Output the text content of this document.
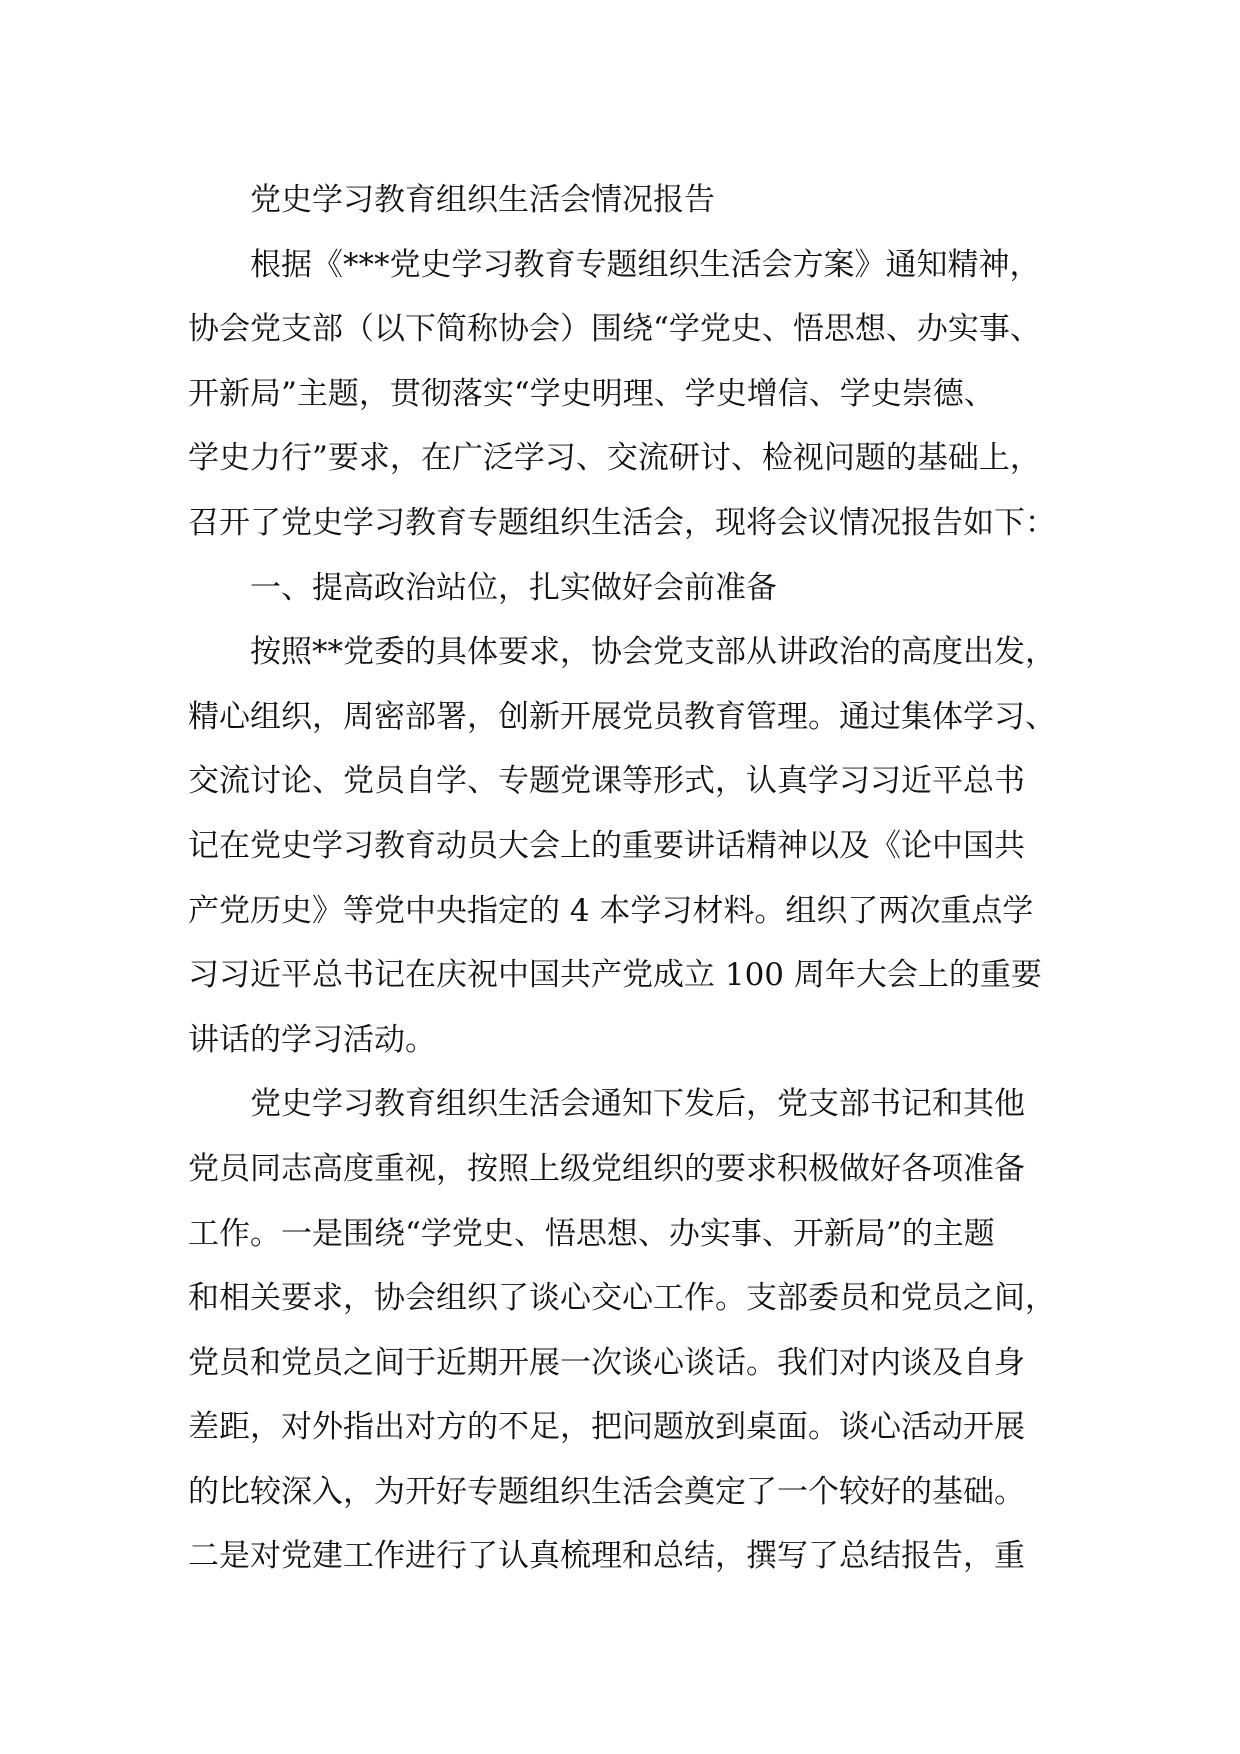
党史学习教育组织生活会情况报告
根据《***党史学习教育专题组织生活会方案》通知精神，
协会党支部（以下简称协会）围绕“学党史、悟思想、办实事、
开新局”主题，贯彻落实“学史明理、学史增信、学史崇德、
学史力行”要求，在广泛学习、交流研讨、检视问题的基础上，
召开了党史学习教育专题组织生活会，现将会议情况报告如下：
一、提高政治站位，扎实做好会前准备
按照**党委的具体要求，协会党支部从讲政治的高度出发，
精心组织，周密部署，创新开展党员教育管理。通过集体学习、
交流讨论、党员自学、专题党课等形式，认真学习习近平总书
记在党史学习教育动员大会上的重要讲话精神以及《论中国共
产党历史》等党中央指定的 4 本学习材料。组织了两次重点学
习习近平总书记在庆祝中国共产党成立 100 周年大会上的重要
讲话的学习活动。
党史学习教育组织生活会通知下发后，党支部书记和其他
党员同志高度重视，按照上级党组织的要求积极做好各项准备
工作。一是围绕“学党史、悟思想、办实事、开新局”的主题
和相关要求，协会组织了谈心交心工作。支部委员和党员之间，
党员和党员之间于近期开展一次谈心谈话。我们对内谈及自身
差距，对外指出对方的不足，把问题放到桌面。谈心活动开展
的比较深入，为开好专题组织生活会奠定了一个较好的基础。
二是对党建工作进行了认真梳理和总结，撰写了总结报告，重
